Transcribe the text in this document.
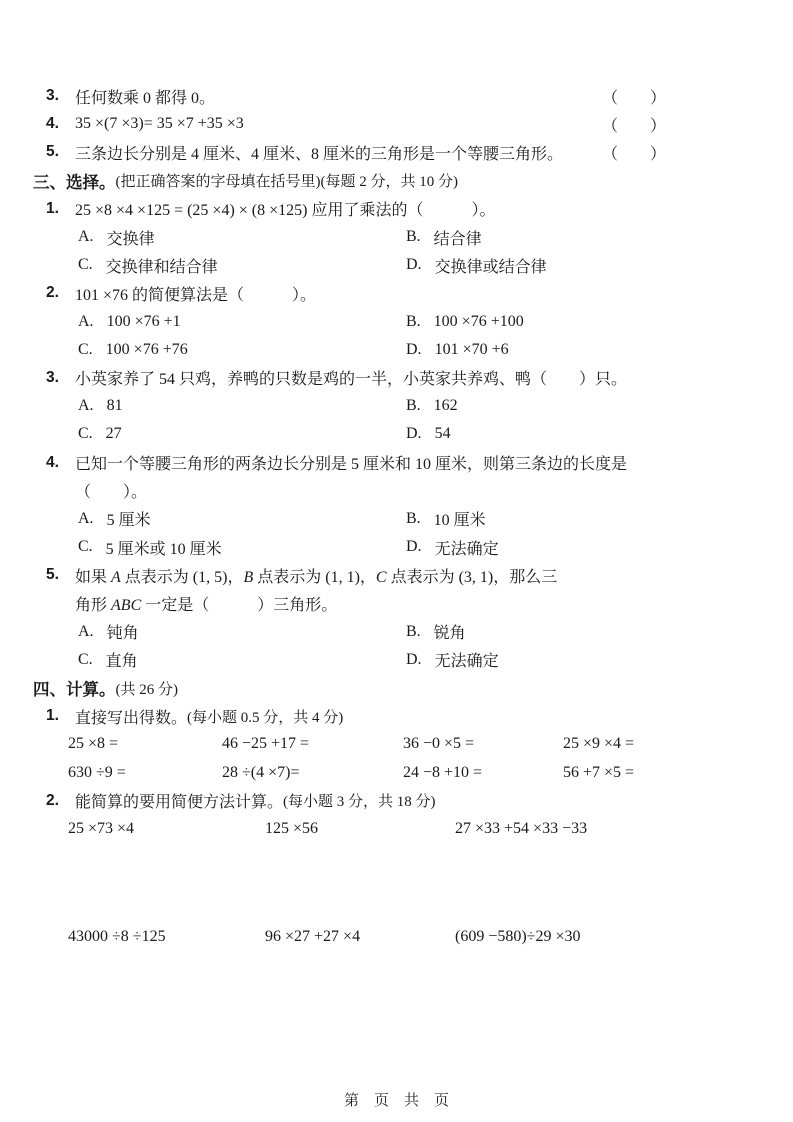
3.	任何数乘 0 都得 0。	（　　）
4.	35 ×(7 ×3)= 35 ×7 +35 ×3	（　　）
5.	三条边长分别是 4 厘米、4 厘米、8 厘米的三角形是一个等腰三角形。 （　　）
三、选择。 (把正确答案的字母填在括号里)(每题 2 分，共 10 分)
1.	25 ×8 ×4 ×125 = (25 ×4) × (8 ×125) 应用了乘法的（　　　）。
A. 交换律	B. 结合律
C. 交换律和结合律	D. 交换律或结合律
2.	101 ×76 的简便算法是（　　　）。
A. 100 ×76 +1	B. 100 ×76 +100
C. 100 ×76 +76	D. 101 ×70 +6
3.	小英家养了 54 只鸡，养鸭的只数是鸡的一半，小英家共养鸡、鸭（　　）只。
A. 81	B. 162
C. 27	D. 54
4.	已知一个等腰三角形的两条边长分别是 5 厘米和 10 厘米，则第三条边的长度是
（　　）。
A. 5 厘米	B. 10 厘米
C. 5 厘米或 10 厘米	D. 无法确定
5.	如果 A 点表示为 (1, 5)，B 点表示为 (1, 1)，C 点表示为 (3, 1)，那么三
角形 ABC 一定是（　　　）三角形。
A. 钝角	B. 锐角
C. 直角	D. 无法确定
四、计算。 (共 26 分)
1.	直接写出得数。 (每小题 0.5 分，共 4 分)
25 ×8 =	46 −25 +17 =	36 −0 ×5 =	25 ×9 ×4 =
630 ÷9 =	28 ÷(4 ×7)=	24 −8 +10 =	56 +7 ×5 =
2.	能简算的要用简便方法计算。 (每小题 3 分，共 18 分)
25 ×73 ×4	125 ×56	27 ×33 +54 ×33 −33
43000 ÷8 ÷125	96 ×27 +27 ×4	(609 −580)÷29 ×30
第　页　共　页
